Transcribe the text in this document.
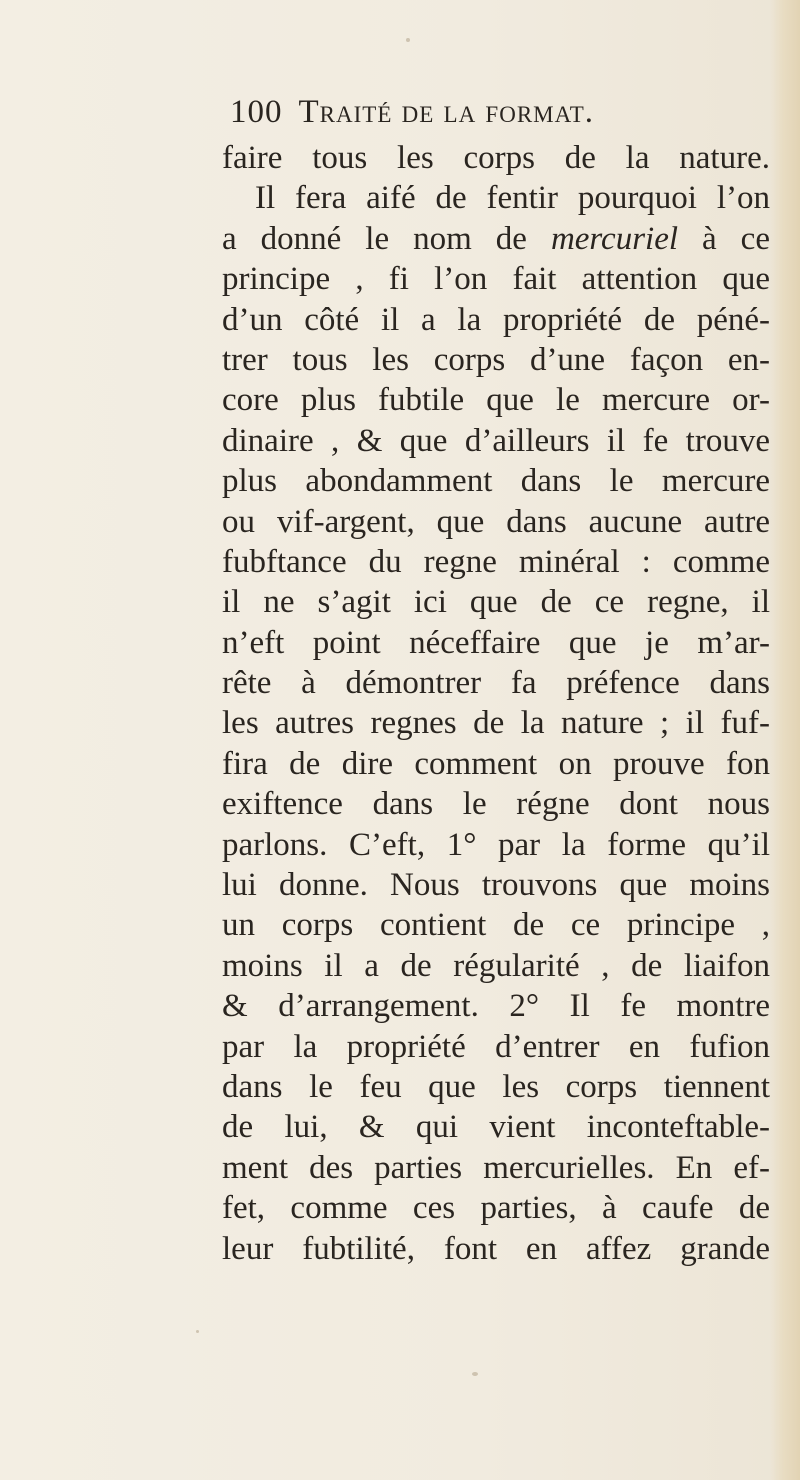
100 Traité de la format.
faire tous les corps de la nature.
Il fera aifé de fentir pourquoi l’on
a donné le nom de mercuriel à ce
principe , fi l’on fait attention que
d’un côté il a la propriété de péné-
trer tous les corps d’une façon en-
core plus fubtile que le mercure or-
dinaire , & que d’ailleurs il fe trouve
plus abondamment dans le mercure
ou vif-argent, que dans aucune autre
fubftance du regne minéral : comme
il ne s’agit ici que de ce regne, il
n’eft point néceffaire que je m’ar-
rête à démontrer fa préfence dans
les autres regnes de la nature ; il fuf-
fira de dire comment on prouve fon
exiftence dans le régne dont nous
parlons. C’eft, 1° par la forme qu’il
lui donne. Nous trouvons que moins
un corps contient de ce principe ,
moins il a de régularité , de liaifon
& d’arrangement. 2° Il fe montre
par la propriété d’entrer en fufion
dans le feu que les corps tiennent
de lui, & qui vient inconteftable-
ment des parties mercurielles. En ef-
fet, comme ces parties, à caufe de
leur fubtilité, font en affez grande
